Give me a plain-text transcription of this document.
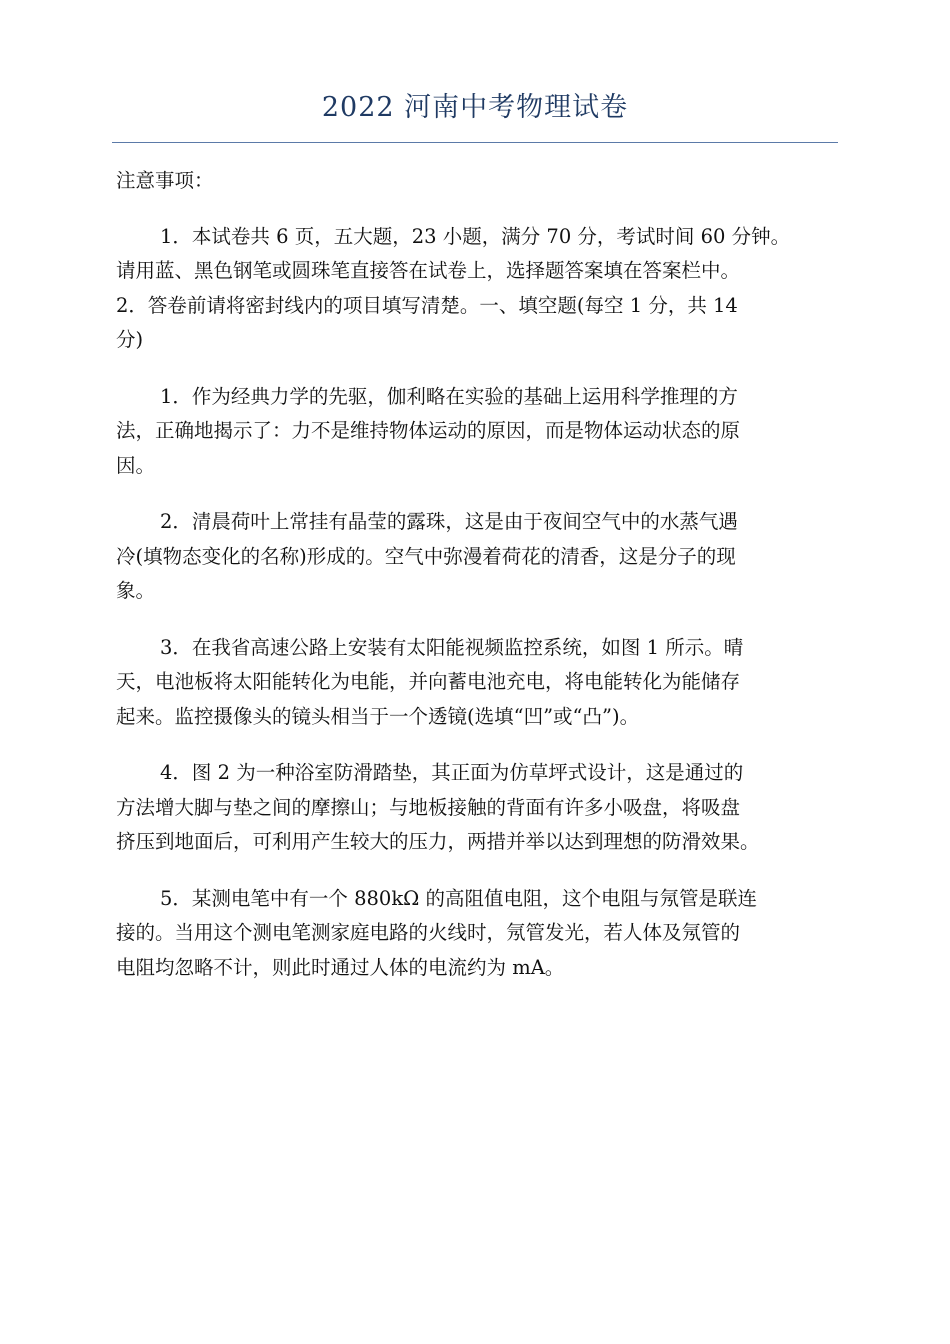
2022 河南中考物理试卷

注意事项：

1．本试卷共 6 页，五大题，23 小题，满分 70 分，考试时间 60 分钟。

请用蓝、黑色钢笔或圆珠笔直接答在试卷上，选择题答案填在答案栏中。

2．答卷前请将密封线内的项目填写清楚。一、填空题(每空 1 分，共 14

分)

1．作为经典力学的先驱，伽利略在实验的基础上运用科学推理的方
法，正确地揭示了：力不是维持物体运动的原因，而是物体运动状态的原
因。

2．清晨荷叶上常挂有晶莹的露珠，这是由于夜间空气中的水蒸气遇
冷(填物态变化的名称)形成的。空气中弥漫着荷花的清香，这是分子的现
象。

3．在我省高速公路上安装有太阳能视频监控系统，如图 1 所示。晴
天，电池板将太阳能转化为电能，并向蓄电池充电，将电能转化为能储存
起来。监控摄像头的镜头相当于一个透镜(选填“凹”或“凸”)。

4．图 2 为一种浴室防滑踏垫，其正面为仿草坪式设计，这是通过的
方法增大脚与垫之间的摩擦山；与地板接触的背面有许多小吸盘，将吸盘
挤压到地面后，可利用产生较大的压力，两措并举以达到理想的防滑效果。

5．某测电笔中有一个 880kΩ 的高阻值电阻，这个电阻与氖管是联连
接的。当用这个测电笔测家庭电路的火线时，氖管发光，若人体及氖管的
电阻均忽略不计，则此时通过人体的电流约为 mA。
